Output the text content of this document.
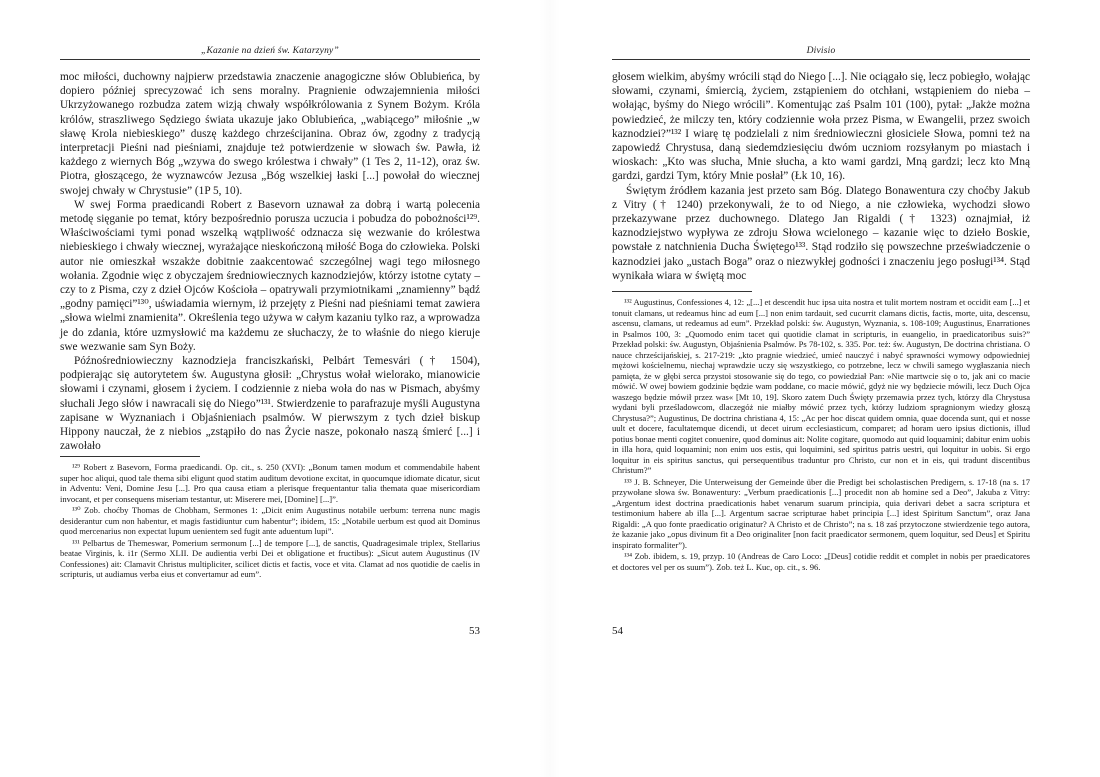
„Kazanie na dzień św. Katarzyny”

moc miłości, duchowny najpierw przedstawia znaczenie anagogiczne słów Oblubieńca, by dopiero później sprecyzować ich sens moralny. Pragnienie odwzajemnienia miłości Ukrzyżowanego rozbudza zatem wizją chwały współkrólowania z Synem Bożym. Króla królów, straszliwego Sędziego świata ukazuje jako Oblubieńca, „wabiącego” miłośnie „w sławę Krola niebieskiego” duszę każdego chrześcijanina. Obraz ów, zgodny z tradycją interpretacji Pieśni nad pieśniami, znajduje też potwierdzenie w słowach św. Pawła, iż każdego z wiernych Bóg „wzywa do swego królestwa i chwały” (1 Tes 2, 11-12), oraz św. Piotra, głoszącego, że wyznawców Jezusa „Bóg wszelkiej łaski [...] powołał do wiecznej swojej chwały w Chrystusie” (1P 5, 10).

W swej Forma praedicandi Robert z Basevorn uznawał za dobrą i wartą polecenia metodę sięganie po temat, który bezpośrednio porusza uczucia i pobudza do pobożności¹²⁹. Właściwościami tymi ponad wszelką wątpliwość odznacza się wezwanie do królestwa niebieskiego i chwały wiecznej, wyrażające nieskończoną miłość Boga do człowieka. Polski autor nie omieszkał wszakże dobitnie zaakcentować szczególnej wagi tego miłosnego wołania. Zgodnie więc z obyczajem średniowiecznych kaznodziejów, którzy istotne cytaty – czy to z Pisma, czy z dzieł Ojców Kościoła – opatrywali przymiotnikami „znamienny” bądź „godny pamięci”¹³⁰, uświadamia wiernym, iż przejęty z Pieśni nad pieśniami temat zawiera „słowa wielmi znamienita”. Określenia tego używa w całym kazaniu tylko raz, a wprowadza je do zdania, które uzmysłowić ma każdemu ze słuchaczy, że to właśnie do niego kieruje swe wezwanie sam Syn Boży.

Późnośredniowieczny kaznodzieja franciszkański, Pelbárt Temesvári († 1504), podpierając się autorytetem św. Augustyna głosił: „Chrystus wołał wielorako, mianowicie słowami i czynami, głosem i życiem. I codziennie z nieba woła do nas w Pismach, abyśmy słuchali Jego słów i nawracali się do Niego”¹³¹. Stwierdzenie to parafrazuje myśli Augustyna zapisane w Wyznaniach i Objaśnieniach psalmów. W pierwszym z tych dzieł biskup Hippony nauczał, że z niebios „zstąpiło do nas Życie nasze, pokonało naszą śmierć [...] i zawołało

¹²⁹ Robert z Basevorn, Forma praedicandi. Op. cit., s. 250 (XVI): „Bonum tamen modum et commendabile habent super hoc aliqui, quod tale thema sibi eligunt quod statim auditum devotione excitat, in quocumque idiomate dicatur, sicut in Adventu: Veni, Domine Jesu [...]. Pro qua causa etiam a plerisque frequentantur talia themata quae misericordiam invocant, et per consequens miseriam testantur, ut: Miserere mei, [Domine] [...]”.

¹³⁰ Zob. choćby Thomas de Chobham, Sermones 1: „Dicit enim Augustinus notabile uerbum: terrena nunc magis desiderantur cum non habentur, et magis fastidiuntur cum habentur”; ibidem, 15: „Notabile uerbum est quod ait Dominus quod mercenarius non expectat lupum uenientem sed fugit ante aduentum lupi”.

¹³¹ Pelbartus de Themeswar, Pomerium sermonum [...] de tempore [...], de sanctis, Quadragesimale triplex, Stellarius beatae Virginis, k. i1r (Sermo XLII. De audientia verbi Dei et obligatione et fructibus): „Sicut autem Augustinus (IV Confessiones) ait: Clamavit Christus multipliciter, scilicet dictis et factis, voce et vita. Clamat ad nos quotidie de caelis in scripturis, ut audiamus verba eius et convertamur ad eum”.

53
Divisio

głosem wielkim, abyśmy wrócili stąd do Niego [...]. Nie ociągało się, lecz pobiegło, wołając słowami, czynami, śmiercią, życiem, zstąpieniem do otchłani, wstąpieniem do nieba – wołając, byśmy do Niego wrócili”. Komentując zaś Psalm 101 (100), pytał: „Jakże można powiedzieć, że milczy ten, który codziennie woła przez Pisma, w Ewangelii, przez swoich kaznodziei?”¹³² I wiarę tę podzielali z nim średniowieczni głosiciele Słowa, pomni też na zapowiedź Chrystusa, daną siedemdziesięciu dwóm uczniom rozsyłanym po miastach i wioskach: „Kto was słucha, Mnie słucha, a kto wami gardzi, Mną gardzi; lecz kto Mną gardzi, gardzi Tym, który Mnie posłał” (Łk 10, 16).

Świętym źródłem kazania jest przeto sam Bóg. Dlatego Bonawentura czy choćby Jakub z Vitry († 1240) przekonywali, że to od Niego, a nie człowieka, wychodzi słowo przekazywane przez duchownego. Dlatego Jan Rigaldi († 1323) oznajmiał, iż kaznodziejstwo wypływa ze zdroju Słowa wcielonego – kazanie więc to dzieło Boskie, powstałe z natchnienia Ducha Świętego¹³³. Stąd rodziło się powszechne przeświadczenie o kaznodziei jako „ustach Boga” oraz o niezwykłej godności i znaczeniu jego posługi¹³⁴. Stąd wynikała wiara w świętą moc

¹³² Augustinus, Confessiones 4, 12: „[...] et descendit huc ipsa uita nostra et tulit mortem nostram et occidit eam [...] et tonuit clamans, ut redeamus hinc ad eum [...] non enim tardauit, sed cucurrit clamans dictis, factis, morte, uita, descensu, ascensu, clamans, ut redeamus ad eum”. Przekład polski: św. Augustyn, Wyznania, s. 108-109; Augustinus, Enarrationes in Psalmos 100, 3: „Quomodo enim tacet qui quotidie clamat in scripturis, in euangelio, in praedicatoribus suis?” Przekład polski: św. Augustyn, Objaśnienia Psalmów. Ps 78-102, s. 335. Por. też: św. Augustyn, De doctrina christiana. O nauce chrześcijańskiej, s. 217-219: „kto pragnie wiedzieć, umieć nauczyć i nabyć sprawności wymowy odpowiedniej mężowi kościelnemu, niechaj wprawdzie uczy się wszystkiego, co potrzebne, lecz w chwili samego wygłaszania niech pamięta, że w głębi serca przystoi stosowanie się do tego, co powiedział Pan: »Nie martwcie się o to, jak ani co macie mówić. W owej bowiem godzinie będzie wam poddane, co macie mówić, gdyż nie wy będziecie mówili, lecz Duch Ojca waszego będzie mówił przez was« [Mt 10, 19]. Skoro zatem Duch Święty przemawia przez tych, którzy dla Chrystusa wydani byli prześladowcom, dlaczegóż nie miałby mówić przez tych, którzy ludziom spragnionym wiedzy głoszą Chrystusa?”; Augustinus, De doctrina christiana 4, 15: „Ac per hoc discat quidem omnia, quae docenda sunt, qui et nosse uult et docere, facultatemque dicendi, ut decet uirum ecclesiasticum, comparet; ad horam uero ipsius dictionis, illud potius bonae menti cogitet conuenire, quod dominus ait: Nolite cogitare, quomodo aut quid loquamini; dabitur enim uobis in illa hora, quid loquamini; non enim uos estis, qui loquimini, sed spiritus patris uestri, qui loquitur in uobis. Si ergo loquitur in eis spiritus sanctus, qui persequentibus traduntur pro Christo, cur non et in eis, qui tradunt discentibus Christum?”

¹³³ J. B. Schneyer, Die Unterweisung der Gemeinde über die Predigt bei scholastischen Predigern, s. 17-18 (na s. 17 przywołane słowa św. Bonawentury: „Verbum praedicationis [...] procedit non ab homine sed a Deo”, Jakuba z Vitry: „Argentum idest doctrina praedicationis habet venarum suarum principia, quia derivari debet a sacra scriptura et testimonium habere ab illa [...]. Argentum sacrae scripturae habet principia [...] idest Spiritum Sanctum”, oraz Jana Rigaldi: „A quo fonte praedicatio originatur? A Christo et de Christo”; na s. 18 zaś przytoczone stwierdzenie tego autora, że kazanie jako „opus divinum fit a Deo originaliter [non facit praedicator sermonem, quem loquitur, sed Deus] et Spiritu inspirato formaliter”).

¹³⁴ Zob. ibidem, s. 19, przyp. 10 (Andreas de Caro Loco: „[Deus] cotidie reddit et complet in nobis per praedicatores et doctores vel per os suum”). Zob. też L. Kuc, op. cit., s. 96.

54
